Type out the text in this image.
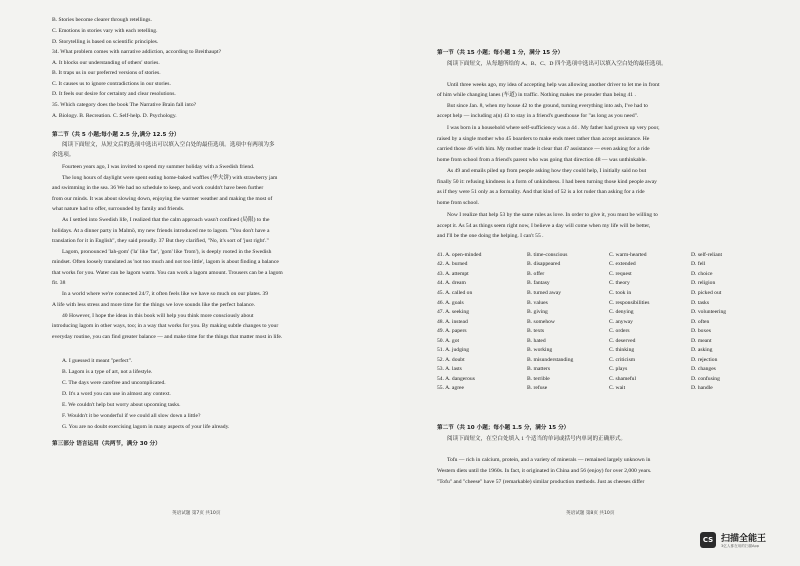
B. Stories become clearer through retellings.
C. Emotions in stories vary with each retelling.
D. Storytelling is based on scientific principles.
34. What problem comes with narrative addiction, according to Breithaupt?
A. It blocks our understanding of others' stories.
B. It traps us in our preferred versions of stories.
C. It causes us to ignore contradictions in our stories.
D. It feels our desire for certainty and clear resolutions.
35. Which category does the book The Narrative Brain fall into?
A. Biology. B. Recreation. C. Self-help. D. Psychology.
第二节（共 5 小题;每小题 2.5 分,满分 12.5 分）
阅读下面短文，从短文后的选项中选出可以填入空白处的最佳选项。选项中有两项为多
余选项。
Fourteen years ago, I was invited to spend my summer holiday with a Swedish friend.
The long hours of daylight were spent eating home-baked waffles (华夫饼) with strawberry jam
and swimming in the sea. 36 We had no schedule to keep, and work couldn't have been further
from our minds. It was about slowing down, enjoying the warmer weather and making the most of
what nature had to offer, surrounded by family and friends.
As I settled into Swedish life, I realized that the calm approach wasn't confined (局限) to the
holidays. At a dinner party in Malmö, my new friends introduced me to lagom. "You don't have a
translation for it in English", they said proudly. 37 But they clarified, "No, it's sort of 'just right'."
Lagom, pronounced 'lah-gom' ('la' like 'far', 'gom' like 'from'), is deeply rooted in the Swedish
mindset. Often loosely translated as 'not too much and not too little', lagom is about finding a balance
that works for you. Water can be lagom warm. You can work a lagom amount. Trousers can be a lagom
fit. 38
In a world where we're connected 24/7, it often feels like we have so much on our plates. 39
A life with less stress and more time for the things we love sounds like the perfect balance.
40 However, I hope the ideas in this book will help you think more consciously about
introducing lagom in other ways, too; in a way that works for you. By making subtle changes to your
everyday routine, you can find greater balance — and make time for the things that matter most in life.
A. I guessed it meant "perfect".
B. Lagom is a type of art, not a lifestyle.
C. The days were carefree and uncomplicated.
D. It's a word you can use in almost any context.
E. We couldn't help but worry about upcoming tasks.
F. Wouldn't it be wonderful if we could all slow down a little?
G. You are no doubt exercising lagom in many aspects of your life already.
第三部分 语言运用（共两节，满分 30 分）
第一节（共 15 小题；每小题 1 分，满分 15 分）
阅读下面短文，从每题所给的 A、B、C、D 四个选项中选出可以填入空白处的最佳选项。
Until three weeks ago, my idea of accepting help was allowing another driver to let me in front
of him while changing lanes (车道) in traffic. Nothing makes me prouder than being 41 .
But since Jan. 8, when my house 42 to the ground, turning everything into ash, I've had to
accept help — including a(n) 43 to stay in a friend's guesthouse for "as long as you need".
I was born in a household where self-sufficiency was a 44 . My father had grown up very poor,
raised by a single mother who 45 boarders to make ends meet rather than accept assistance. He
carried those 46 with him. My mother made it clear that 47 assistance — even asking for a ride
home from school from a friend's parent who was going that direction 48 — was unthinkable.
As 49 and emails piled up from people asking how they could help, I initially said no but
finally 50 it: refusing kindness is a form of unkindness. I had been turning those kind people away
as if they were 51 only as a formality. And that kind of 52 is a lot ruder than asking for a ride
home from school.
Now I realize that help 53 by the same rules as love. In order to give it, you must be willing to
accept it. As 54 as things seem right now, I believe a day will come when my life will be better,
and I'll be the one doing the helping. I can't 55 .
第二节（共 10 小题；每小题 1.5 分，满分 15 分）
阅读下面短文，在空白处填入 1 个适当的单词或括号内单词的正确形式。
Tofu — rich in calcium, protein, and a variety of minerals — remained largely unknown in
Western diets until the 1960s. In fact, it originated in China and 56 (enjoy) for over 2,000 years.
"Tofu" and "cheese" have 57 (remarkable) similar production methods. Just as cheeses differ
41. A. open-minded	B. time-conscious	C. warm-hearted	D. self-reliant
42. A. burned	B. disappeared	C. extended	D. fell
43. A. attempt	B. offer	C. request	D. choice
44. A. dream	B. fantasy	C. theory	D. religion
45. A. called on	B. turned away	C. took in	D. picked out
46. A. goals	B. values	C. responsibilities	D. tasks
47. A. seeking	B. giving	C. denying	D. volunteering
48. A. instead	B. somehow	C. anyway	D. often
49. A. papers	B. texts	C. orders	D. boxes
50. A. got	B. hated	C. deserved	D. meant
51. A. judging	B. working	C. thinking	D. asking
52. A. doubt	B. misunderstanding	C. criticism	D. rejection
53. A. lasts	B. matters	C. plays	D. changes
54. A. dangerous	B. terrible	C. shameful	D. confusing
55. A. agree	B. refuse	C. wait	D. handle
英语试题 第7页 共10页	英语试题 第8页 共10页
CS 扫描全能王
3亿人都在用的扫描App
